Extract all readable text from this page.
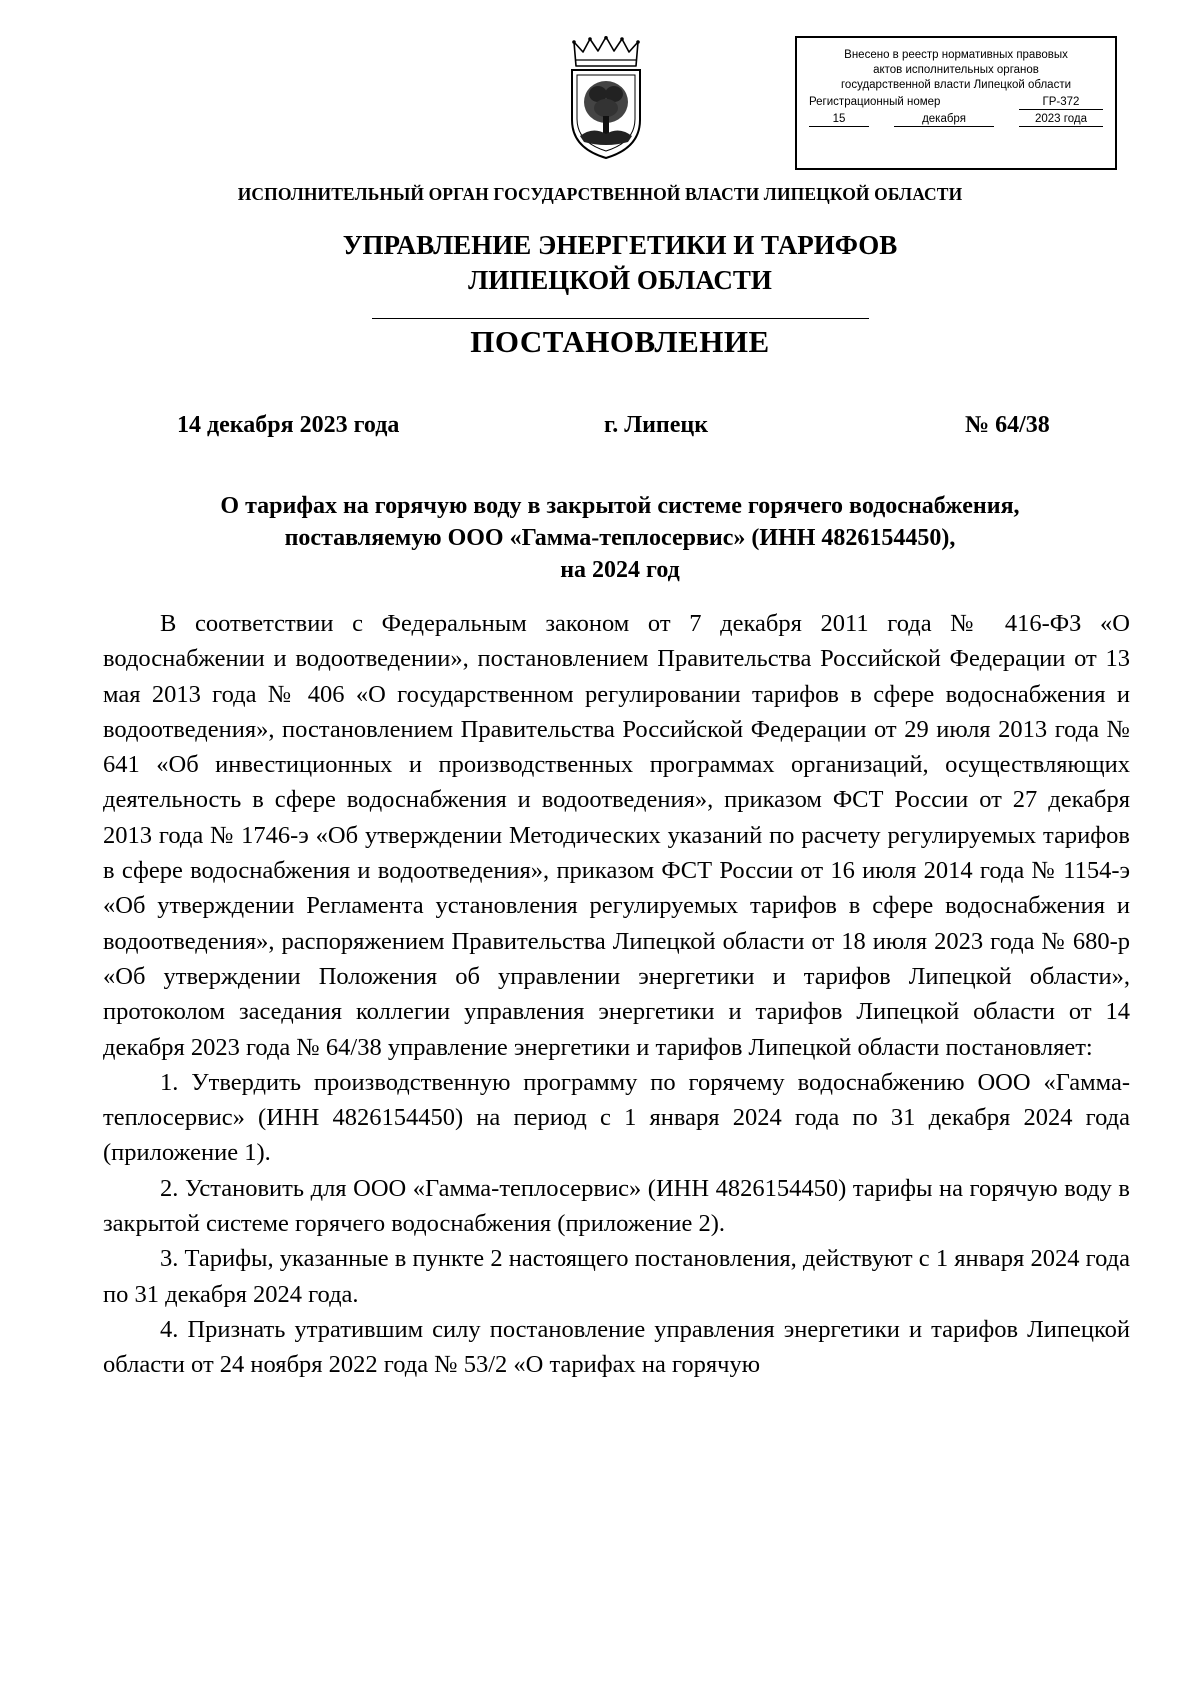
Внесено в реестр нормативных правовых
актов исполнительных органов
государственной власти Липецкой области
Регистрационный номер	ГР-372
15	декабря	2023 года
ИСПОЛНИТЕЛЬНЫЙ ОРГАН ГОСУДАРСТВЕННОЙ ВЛАСТИ ЛИПЕЦКОЙ ОБЛАСТИ
УПРАВЛЕНИЕ ЭНЕРГЕТИКИ И ТАРИФОВ
ЛИПЕЦКОЙ ОБЛАСТИ
ПОСТАНОВЛЕНИЕ
14 декабря 2023 года	г. Липецк	№ 64/38
О тарифах на горячую воду в закрытой системе горячего водоснабжения,
поставляемую ООО «Гамма-теплосервис» (ИНН 4826154450),
на 2024 год

В соответствии с Федеральным законом от 7 декабря 2011 года № 416-ФЗ «О водоснабжении и водоотведении», постановлением Правительства Российской Федерации от 13 мая 2013 года № 406 «О государственном регулировании тарифов в сфере водоснабжения и водоотведения», постановлением Правительства Российской Федерации от 29 июля 2013 года № 641 «Об инвестиционных и производственных программах организаций, осуществляющих деятельность в сфере водоснабжения и водоотведения», приказом ФСТ России от 27 декабря 2013 года № 1746-э «Об утверждении Методических указаний по расчету регулируемых тарифов в сфере водоснабжения и водоотведения», приказом ФСТ России от 16 июля 2014 года № 1154-э «Об утверждении Регламента установления регулируемых тарифов в сфере водоснабжения и водоотведения», распоряжением Правительства Липецкой области от 18 июля 2023 года № 680-р «Об утверждении Положения об управлении энергетики и тарифов Липецкой области», протоколом заседания коллегии управления энергетики и тарифов Липецкой области от 14 декабря 2023 года № 64/38 управление энергетики и тарифов Липецкой области постановляет:

1. Утвердить производственную программу по горячему водоснабжению ООО «Гамма-теплосервис» (ИНН 4826154450) на период с 1 января 2024 года по 31 декабря 2024 года (приложение 1).

2. Установить для ООО «Гамма-теплосервис» (ИНН 4826154450) тарифы на горячую воду в закрытой системе горячего водоснабжения (приложение 2).

3. Тарифы, указанные в пункте 2 настоящего постановления, действуют с 1 января 2024 года по 31 декабря 2024 года.

4. Признать утратившим силу постановление управления энергетики и тарифов Липецкой области от 24 ноября 2022 года № 53/2 «О тарифах на горячую
